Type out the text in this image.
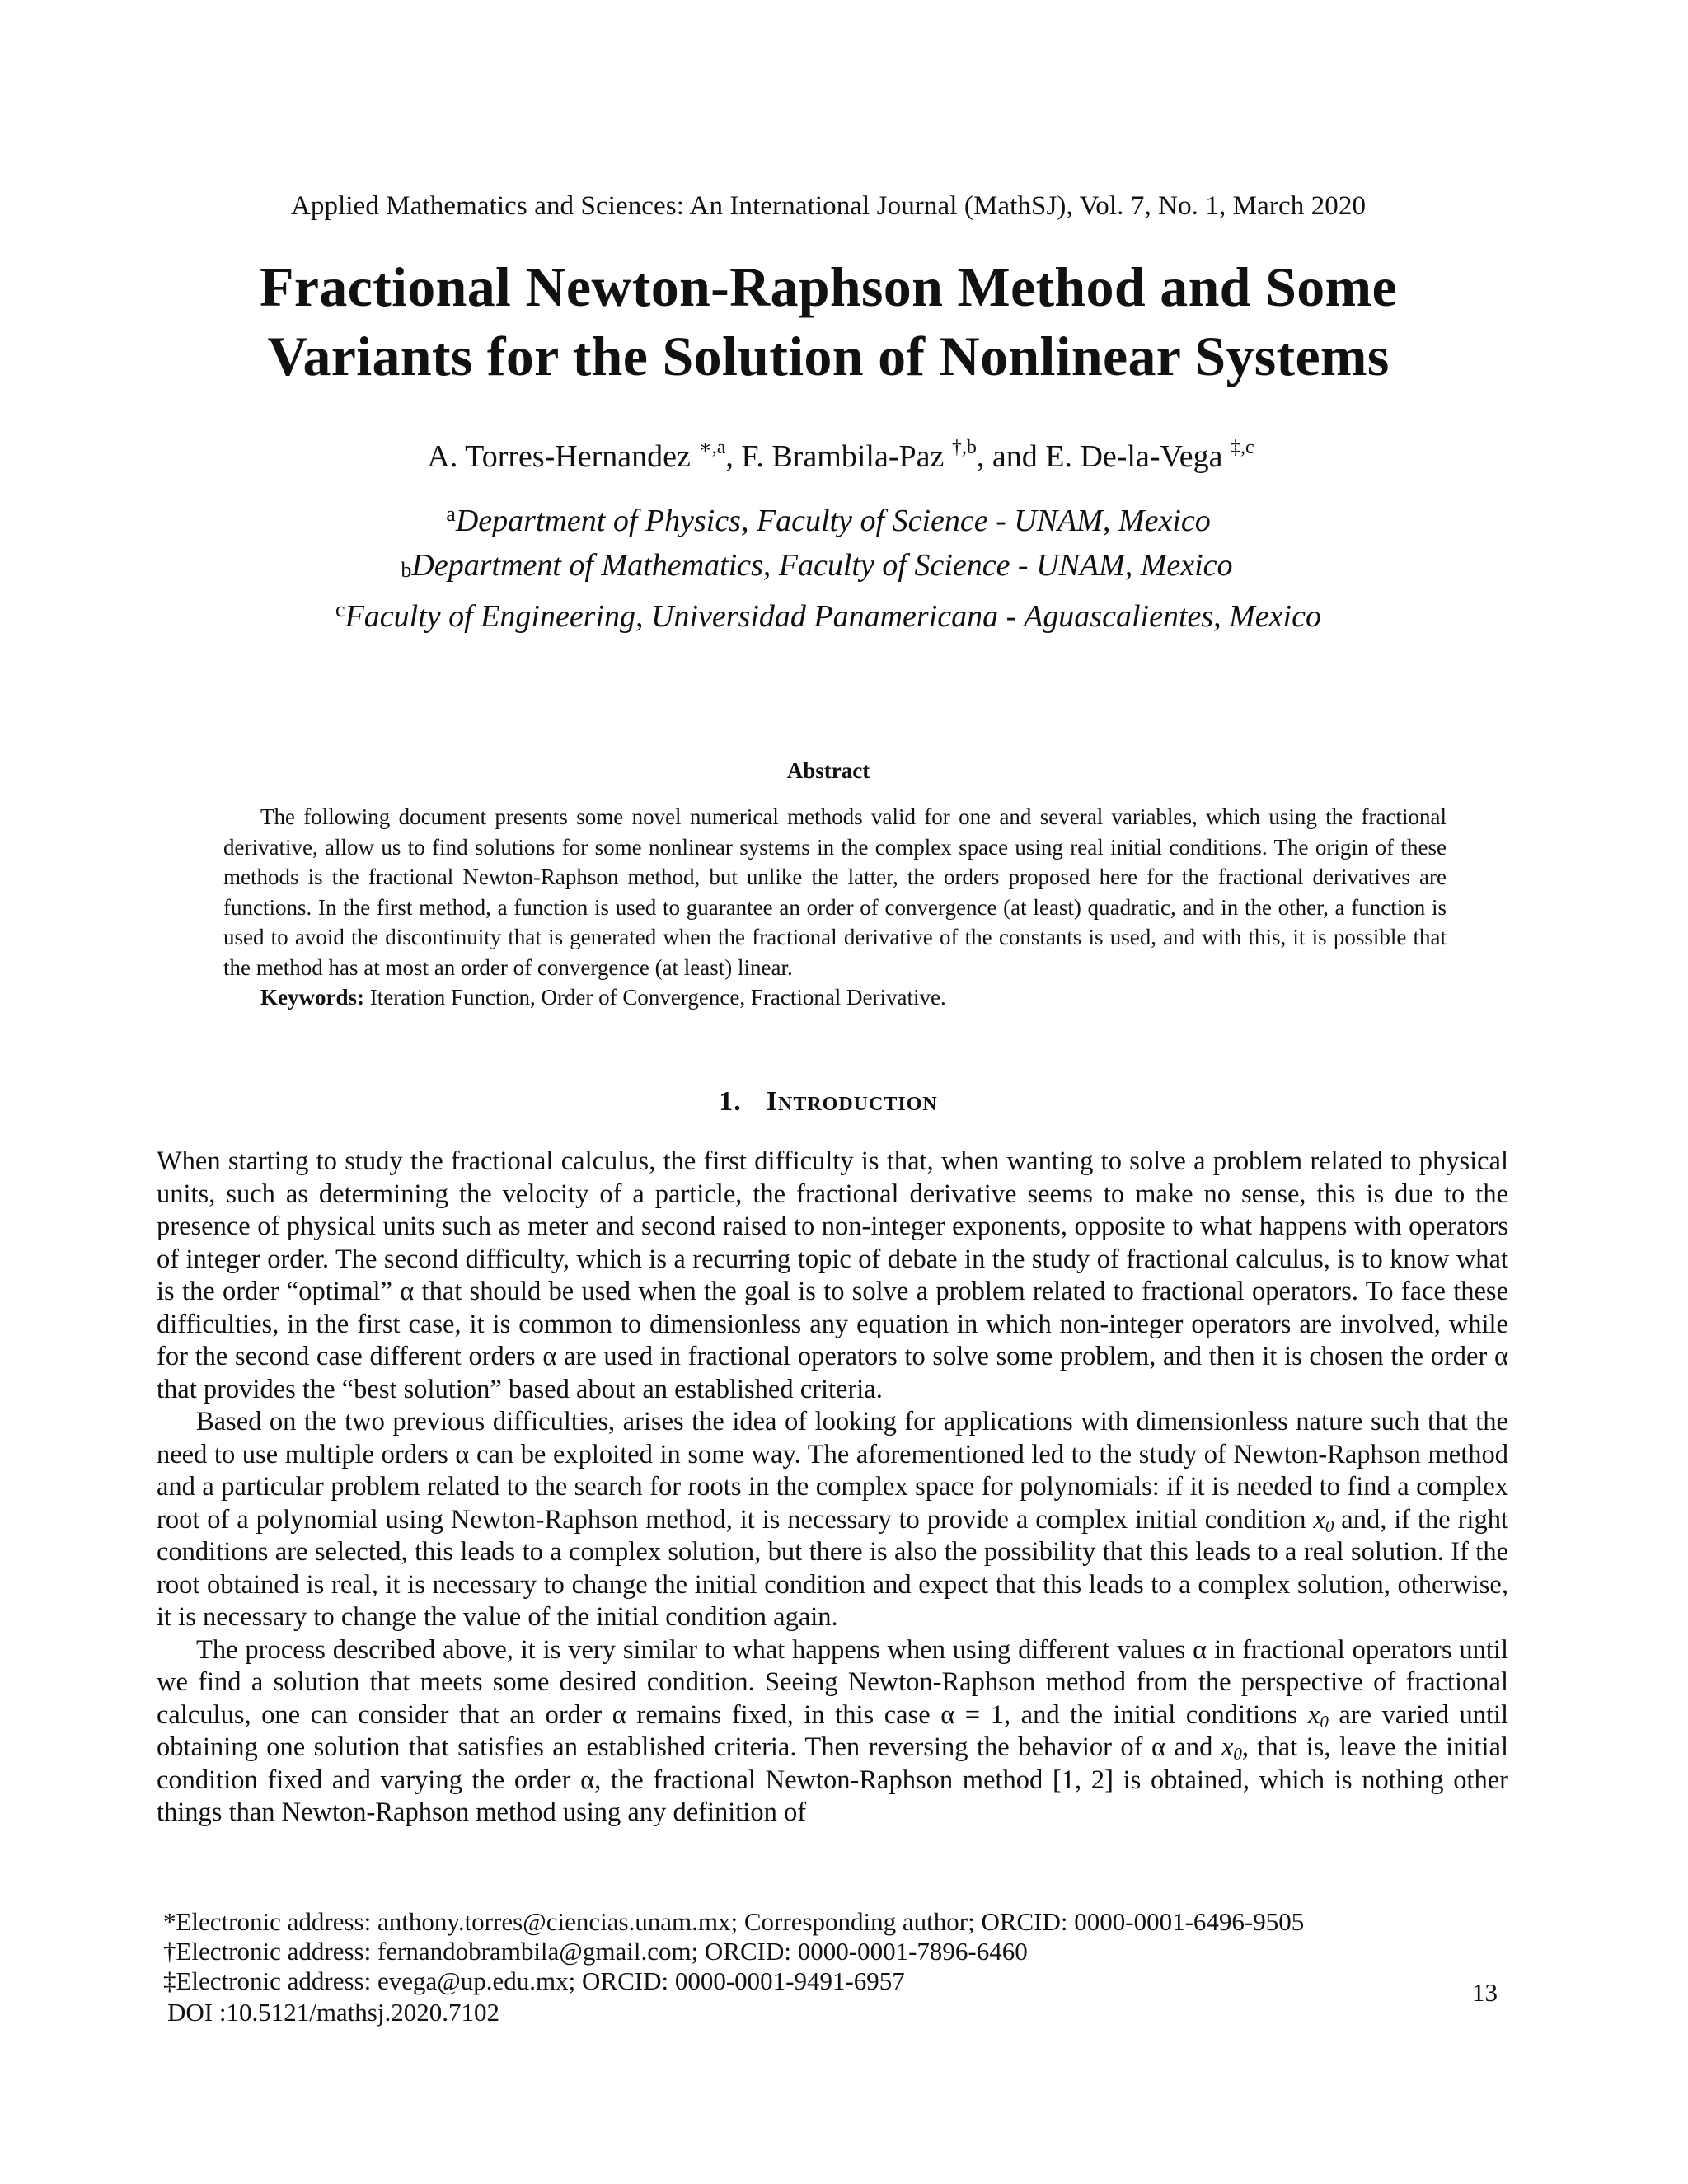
Applied Mathematics and Sciences: An International Journal (MathSJ), Vol. 7, No. 1, March 2020
Fractional Newton-Raphson Method and Some
Variants for the Solution of Nonlinear Systems
A. Torres-Hernandez $^{∗,a}$, F. Brambila-Paz $^{\dagger,b}$, and E. De-la-Vega $^{\ddagger,c}$
$^a$Department of Physics, Faculty of Science - UNAM, Mexico
$_b$Department of Mathematics, Faculty of Science - UNAM, Mexico
$^c$Faculty of Engineering, Universidad Panamericana - Aguascalientes, Mexico
Abstract

The following document presents some novel numerical methods valid for one and several variables, which using the fractional derivative, allow us to find solutions for some nonlinear systems in the complex space using real initial conditions. The origin of these methods is the fractional Newton-Raphson method, but unlike the latter, the orders proposed here for the fractional derivatives are functions. In the first method, a function is used to guarantee an order of convergence (at least) quadratic, and in the other, a function is used to avoid the discontinuity that is generated when the fractional derivative of the constants is used, and with this, it is possible that the method has at most an order of convergence (at least) linear.

Keywords: Iteration Function, Order of Convergence, Fractional Derivative.

1. Introduction

When starting to study the fractional calculus, the first difficulty is that, when wanting to solve a problem related to physical units, such as determining the velocity of a particle, the fractional derivative seems to make no sense, this is due to the presence of physical units such as meter and second raised to non-integer exponents, opposite to what happens with operators of integer order. The second difficulty, which is a recurring topic of debate in the study of fractional calculus, is to know what is the order “optimal” α that should be used when the goal is to solve a problem related to fractional operators. To face these difficulties, in the first case, it is common to dimensionless any equation in which non-integer operators are involved, while for the second case different orders α are used in fractional operators to solve some problem, and then it is chosen the order α that provides the “best solution” based about an established criteria.

Based on the two previous difficulties, arises the idea of looking for applications with dimensionless nature such that the need to use multiple orders α can be exploited in some way. The aforementioned led to the study of Newton-Raphson method and a particular problem related to the search for roots in the complex space for polynomials: if it is needed to find a complex root of a polynomial using Newton-Raphson method, it is necessary to provide a complex initial condition $x_0$ and, if the right conditions are selected, this leads to a complex solution, but there is also the possibility that this leads to a real solution. If the root obtained is real, it is necessary to change the initial condition and expect that this leads to a complex solution, otherwise, it is necessary to change the value of the initial condition again.

The process described above, it is very similar to what happens when using different values α in fractional operators until we find a solution that meets some desired condition. Seeing Newton-Raphson method from the perspective of fractional calculus, one can consider that an order α remains fixed, in this case α = 1, and the initial conditions $x_0$ are varied until obtaining one solution that satisfies an established criteria. Then reversing the behavior of α and $x_0$, that is, leave the initial condition fixed and varying the order α, the fractional Newton-Raphson method [1, 2] is obtained, which is nothing other things than Newton-Raphson method using any definition of

*Electronic address: anthony.torres@ciencias.unam.mx; Corresponding author; ORCID: 0000-0001-6496-9505
†Electronic address: fernandobrambila@gmail.com; ORCID: 0000-0001-7896-6460
‡Electronic address: evega@up.edu.mx; ORCID: 0000-0001-9491-6957
DOI :10.5121/mathsj.2020.7102
13
